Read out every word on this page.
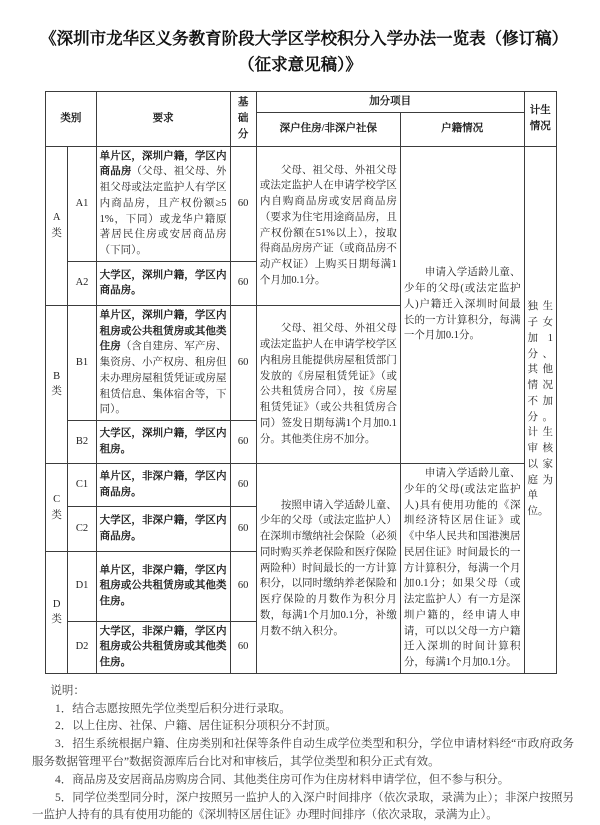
《深圳市龙华区义务教育阶段大学区学校积分入学办法一览表（修订稿）（征求意见稿）》
类别		要求	基础分	加分项目		计生情况
				深户住房/非深户社保	户籍情况	
A类	A1	单片区，深圳户籍，学区内商品房（父母、祖父母、外祖父母或法定监护人有学区内商品房，且产权份额≥51%，下同）或龙华户籍原著居民住房或安居商品房（下同）。	60	父母、祖父母、外祖父母或法定监护人在申请学校学区内自购商品房或安居商品房（要求为住宅用途商品房，且产权份额在51%以上），按取得商品房房产证（或商品房不动产权证）上购买日期每满1个月加0.1分。	申请入学适龄儿童、少年的父母(或法定监护人)户籍迁入深圳时间最长的一方计算积分，每满一个月加0.1分。	独生子女加1分、其他情况不加分。计生审核以家庭为单位。
	A2	大学区，深圳户籍，学区内商品房。	60			
B类	B1	单片区，深圳户籍，学区内租房或公共租赁房或其他类住房（含自建房、军产房、集资房、小产权房、租房但未办理房屋租赁凭证或房屋租赁信息、集体宿舍等，下同）。	60	父母、祖父母、外祖父母或法定监护人在申请学校学区内租房且能提供房屋租赁部门发放的《房屋租赁凭证》（或公共租赁房合同），按《房屋租赁凭证》（或公共租赁房合同）签发日期每满1个月加0.1分。其他类住房不加分。		

	B2	大学区，深圳户籍，学区内租房。	60			
C类	C1	单片区，非深户籍，学区内商品房。	60	按照申请入学适龄儿童、少年的父母（或法定监护人）在深圳市缴纳社会保险（必须同时购买养老保险和医疗保险两险种）时间最长的一方计算积分，以同时缴纳养老保险和医疗保险的月数作为积分月数，每满1个月加0.1分，补缴月数不纳入积分。	申请入学适龄儿童、少年的父母(或法定监护人)具有使用功能的《深圳经济特区居住证》或《中华人民共和国港澳居民居住证》时间最长的一方计算积分，每满一个月加0.1分；如果父母（或法定监护人）有一方是深圳户籍的，经申请人申请，可以以父母一方户籍迁入深圳的时间计算积分，每满1个月加0.1分。	

	C2	大学区，非深户籍，学区内商品房。	60			
D类	D1	单片区，非深户籍，学区内租房或公共租赁房或其他类住房。	60			
	D2	大学区，非深户籍，学区内租房或公共租赁房或其他类住房。	60			

说明：

1．结合志愿按照先学位类型后积分进行录取。

2．以上住房、社保、户籍、居住证积分项积分不封顶。

3．招生系统根据户籍、住房类别和社保等条件自动生成学位类型和积分，学位申请材料经“市政府政务服务数据管理平台”数据资源库后台比对和审核后，其学位类型和积分正式有效。

4．商品房及安居商品房购房合同、其他类住房可作为住房材料申请学位，但不参与积分。

5．同学位类型同分时，深户按照另一监护人的入深户时间排序（依次录取，录满为止）；非深户按照另一监护人持有的具有使用功能的《深圳特区居住证》办理时间排序（依次录取，录满为止）。
